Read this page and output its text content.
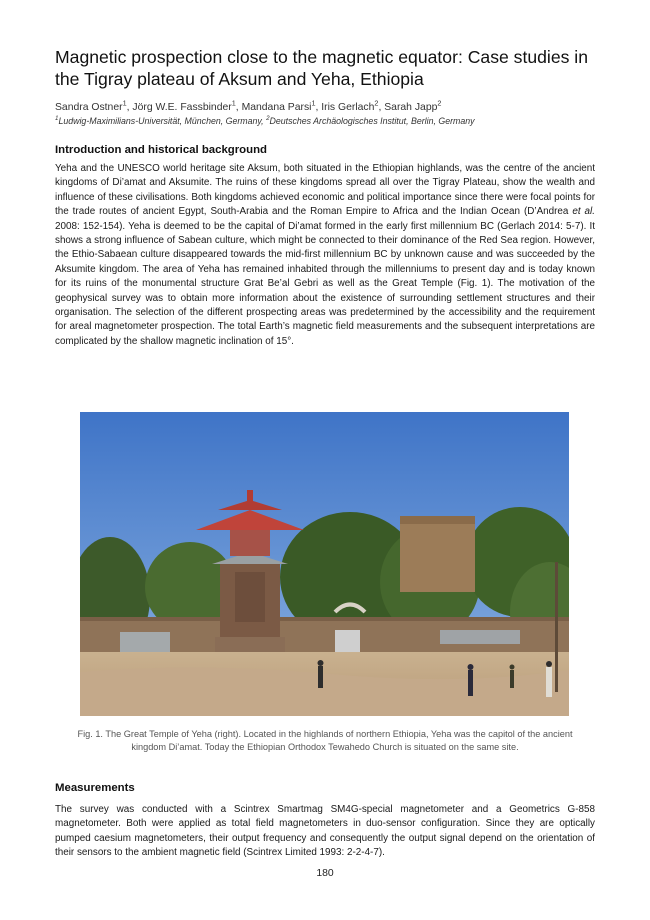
Magnetic prospection close to the magnetic equator: Case studies in the Tigray plateau of Aksum and Yeha, Ethiopia
Sandra Ostner$^1$, Jörg W.E. Fassbinder$^1$, Mandana Parsi$^1$, Iris Gerlach$^2$, Sarah Japp$^2$
$^1$Ludwig-Maximilians-Universität, München, Germany, $^2$Deutsches Archäologisches Institut, Berlin, Germany
Introduction and historical background

Yeha and the UNESCO world heritage site Aksum, both situated in the Ethiopian highlands, was the centre of the ancient kingdoms of Di’amat and Aksumite. The ruins of these kingdoms spread all over the Tigray Plateau, show the wealth and influence of these civilisations. Both kingdoms achieved economic and political importance since there were focal points for the trade routes of ancient Egypt, South-Arabia and the Roman Empire to Africa and the Indian Ocean (D’Andrea et al. 2008: 152-154). Yeha is deemed to be the capital of Di’amat formed in the early first millennium BC (Gerlach 2014: 5-7). It shows a strong influence of Sabean culture, which might be connected to their dominance of the Red Sea region. However, the Ethio-Sabaean culture disappeared towards the mid-first millennium BC by unknown cause and was succeeded by the Aksumite kingdom. The area of Yeha has remained inhabited through the millenniums to present day and is today known for its ruins of the monumental structure Grat Be’al Gebri as well as the Great Temple (Fig. 1). The motivation of the geophysical survey was to obtain more information about the existence of surrounding settlement structures and their organisation. The selection of the different prospecting areas was predetermined by the accessibility and the requirement for areal magnetometer prospection. The total Earth’s magnetic field measurements and the subsequent interpretations are complicated by the shallow magnetic inclination of 15°.

Fig. 1. The Great Temple of Yeha (right). Located in the highlands of northern Ethiopia, Yeha was the capitol of the ancient kingdom Di’amat. Today the Ethiopian Orthodox Tewahedo Church is situated on the same site.
Measurements

The survey was conducted with a Scintrex Smartmag SM4G-special magnetometer and a Geometrics G-858 magnetometer. Both were applied as total field magnetometers in duo-sensor configuration. Since they are optically pumped caesium magnetometers, their output frequency and consequently the output signal depend on the orientation of their sensors to the ambient magnetic field (Scintrex Limited 1993: 2-2-4-7).

180
